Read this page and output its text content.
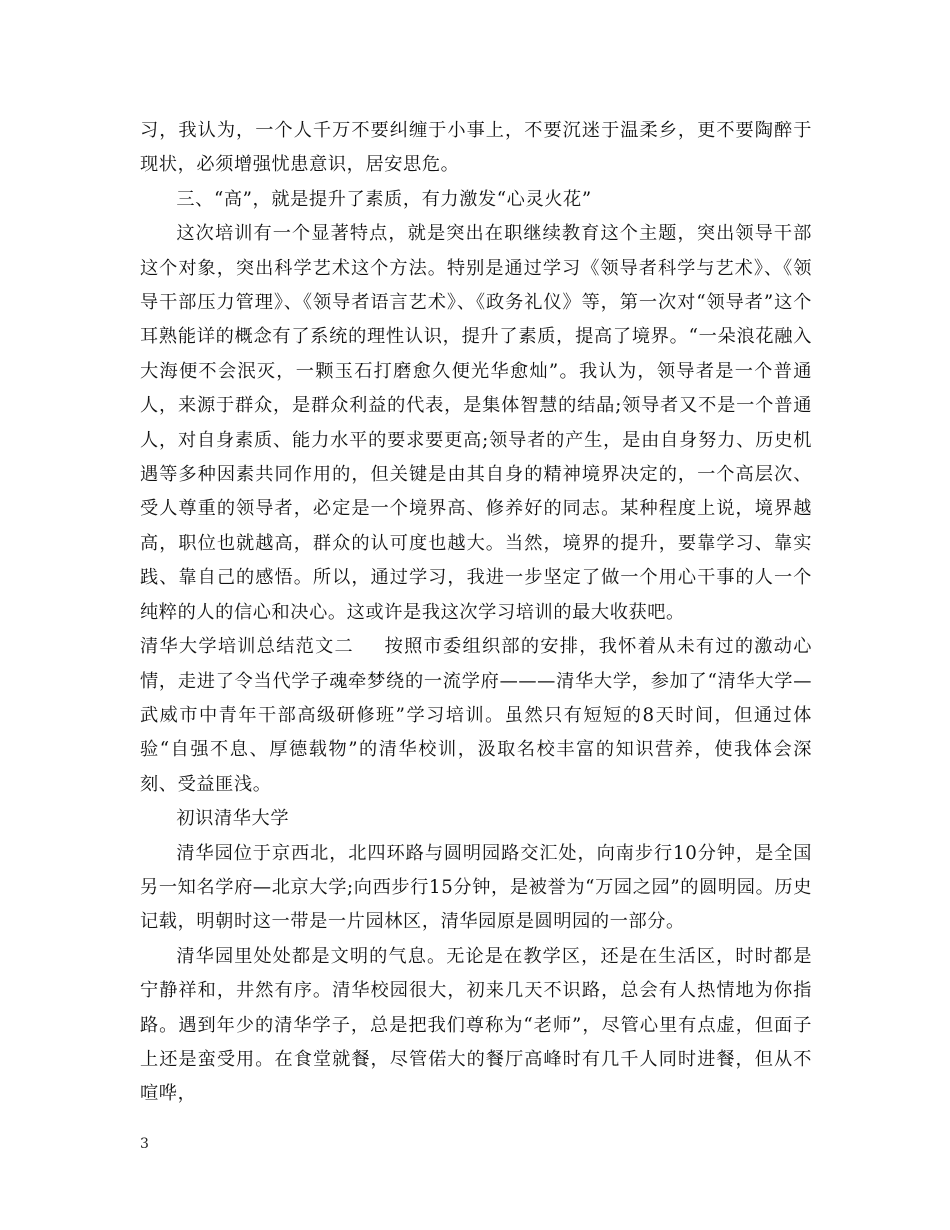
习，我认为，一个人千万不要纠缠于小事上，不要沉迷于温柔乡，更不要陶醉于现状，必须增强忧患意识，居安思危。

三、“高”，就是提升了素质，有力激发“心灵火花”

这次培训有一个显著特点，就是突出在职继续教育这个主题，突出领导干部这个对象，突出科学艺术这个方法。特别是通过学习《领导者科学与艺术》、《领导干部压力管理》、《领导者语言艺术》、《政务礼仪》等，第一次对“领导者”这个耳熟能详的概念有了系统的理性认识，提升了素质，提高了境界。“一朵浪花融入大海便不会泯灭，一颗玉石打磨愈久便光华愈灿”。我认为，领导者是一个普通人，来源于群众，是群众利益的代表，是集体智慧的结晶;领导者又不是一个普通人，对自身素质、能力水平的要求要更高;领导者的产生，是由自身努力、历史机遇等多种因素共同作用的，但关键是由其自身的精神境界决定的，一个高层次、受人尊重的领导者，必定是一个境界高、修养好的同志。某种程度上说，境界越高，职位也就越高，群众的认可度也越大。当然，境界的提升，要靠学习、靠实践、靠自己的感悟。所以，通过学习，我进一步坚定了做一个用心干事的人一个纯粹的人的信心和决心。这或许是我这次学习培训的最大收获吧。

清华大学培训总结范文二 按照市委组织部的安排，我怀着从未有过的激动心情，走进了令当代学子魂牵梦绕的一流学府———清华大学，参加了“清华大学—武威市中青年干部高级研修班”学习培训。虽然只有短短的8天时间，但通过体验“自强不息、厚德载物”的清华校训，汲取名校丰富的知识营养，使我体会深刻、受益匪浅。

初识清华大学

清华园位于京西北，北四环路与圆明园路交汇处，向南步行10分钟，是全国另一知名学府—北京大学;向西步行15分钟，是被誉为“万园之园”的圆明园。历史记载，明朝时这一带是一片园林区，清华园原是圆明园的一部分。

清华园里处处都是文明的气息。无论是在教学区，还是在生活区，时时都是宁静祥和，井然有序。清华校园很大，初来几天不识路，总会有人热情地为你指路。遇到年少的清华学子，总是把我们尊称为“老师”，尽管心里有点虚，但面子上还是蛮受用。在食堂就餐，尽管偌大的餐厅高峰时有几千人同时进餐，但从不喧哗，

3
